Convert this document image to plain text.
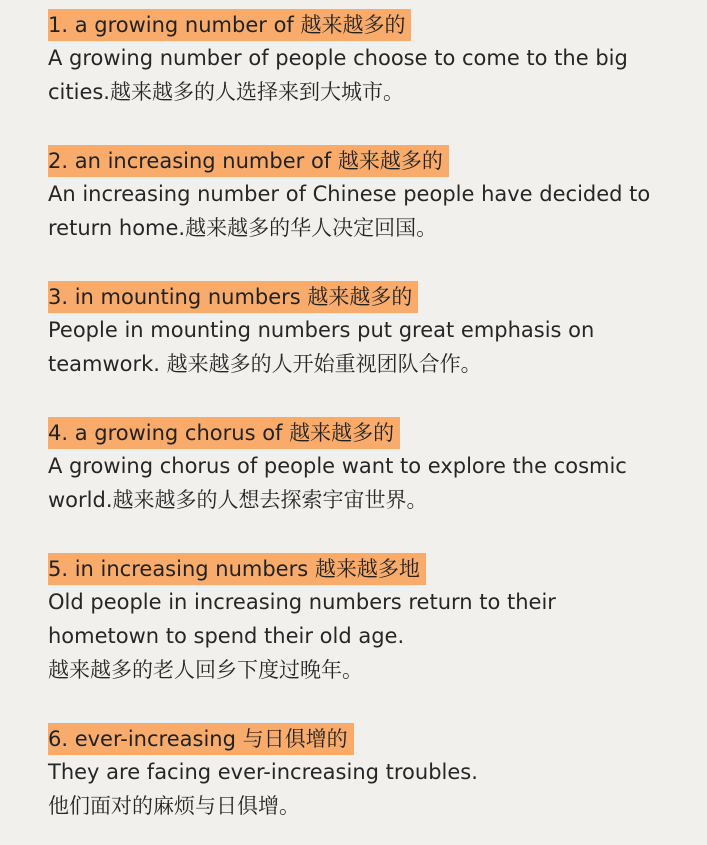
1. a growing number of 越来越多的
A growing number of people choose to come to the big
cities.越来越多的人选择来到大城市。
2. an increasing number of 越来越多的
An increasing number of Chinese people have decided to
return home.越来越多的华人决定回国。
3. in mounting numbers 越来越多的
People in mounting numbers put great emphasis on
teamwork. 越来越多的人开始重视团队合作。
4. a growing chorus of 越来越多的
A growing chorus of people want to explore the cosmic
world.越来越多的人想去探索宇宙世界。
5. in increasing numbers 越来越多地
Old people in increasing numbers return to their
hometown to spend their old age.
越来越多的老人回乡下度过晚年。
6. ever-increasing 与日俱增的
They are facing ever-increasing troubles.
他们面对的麻烦与日俱增。
